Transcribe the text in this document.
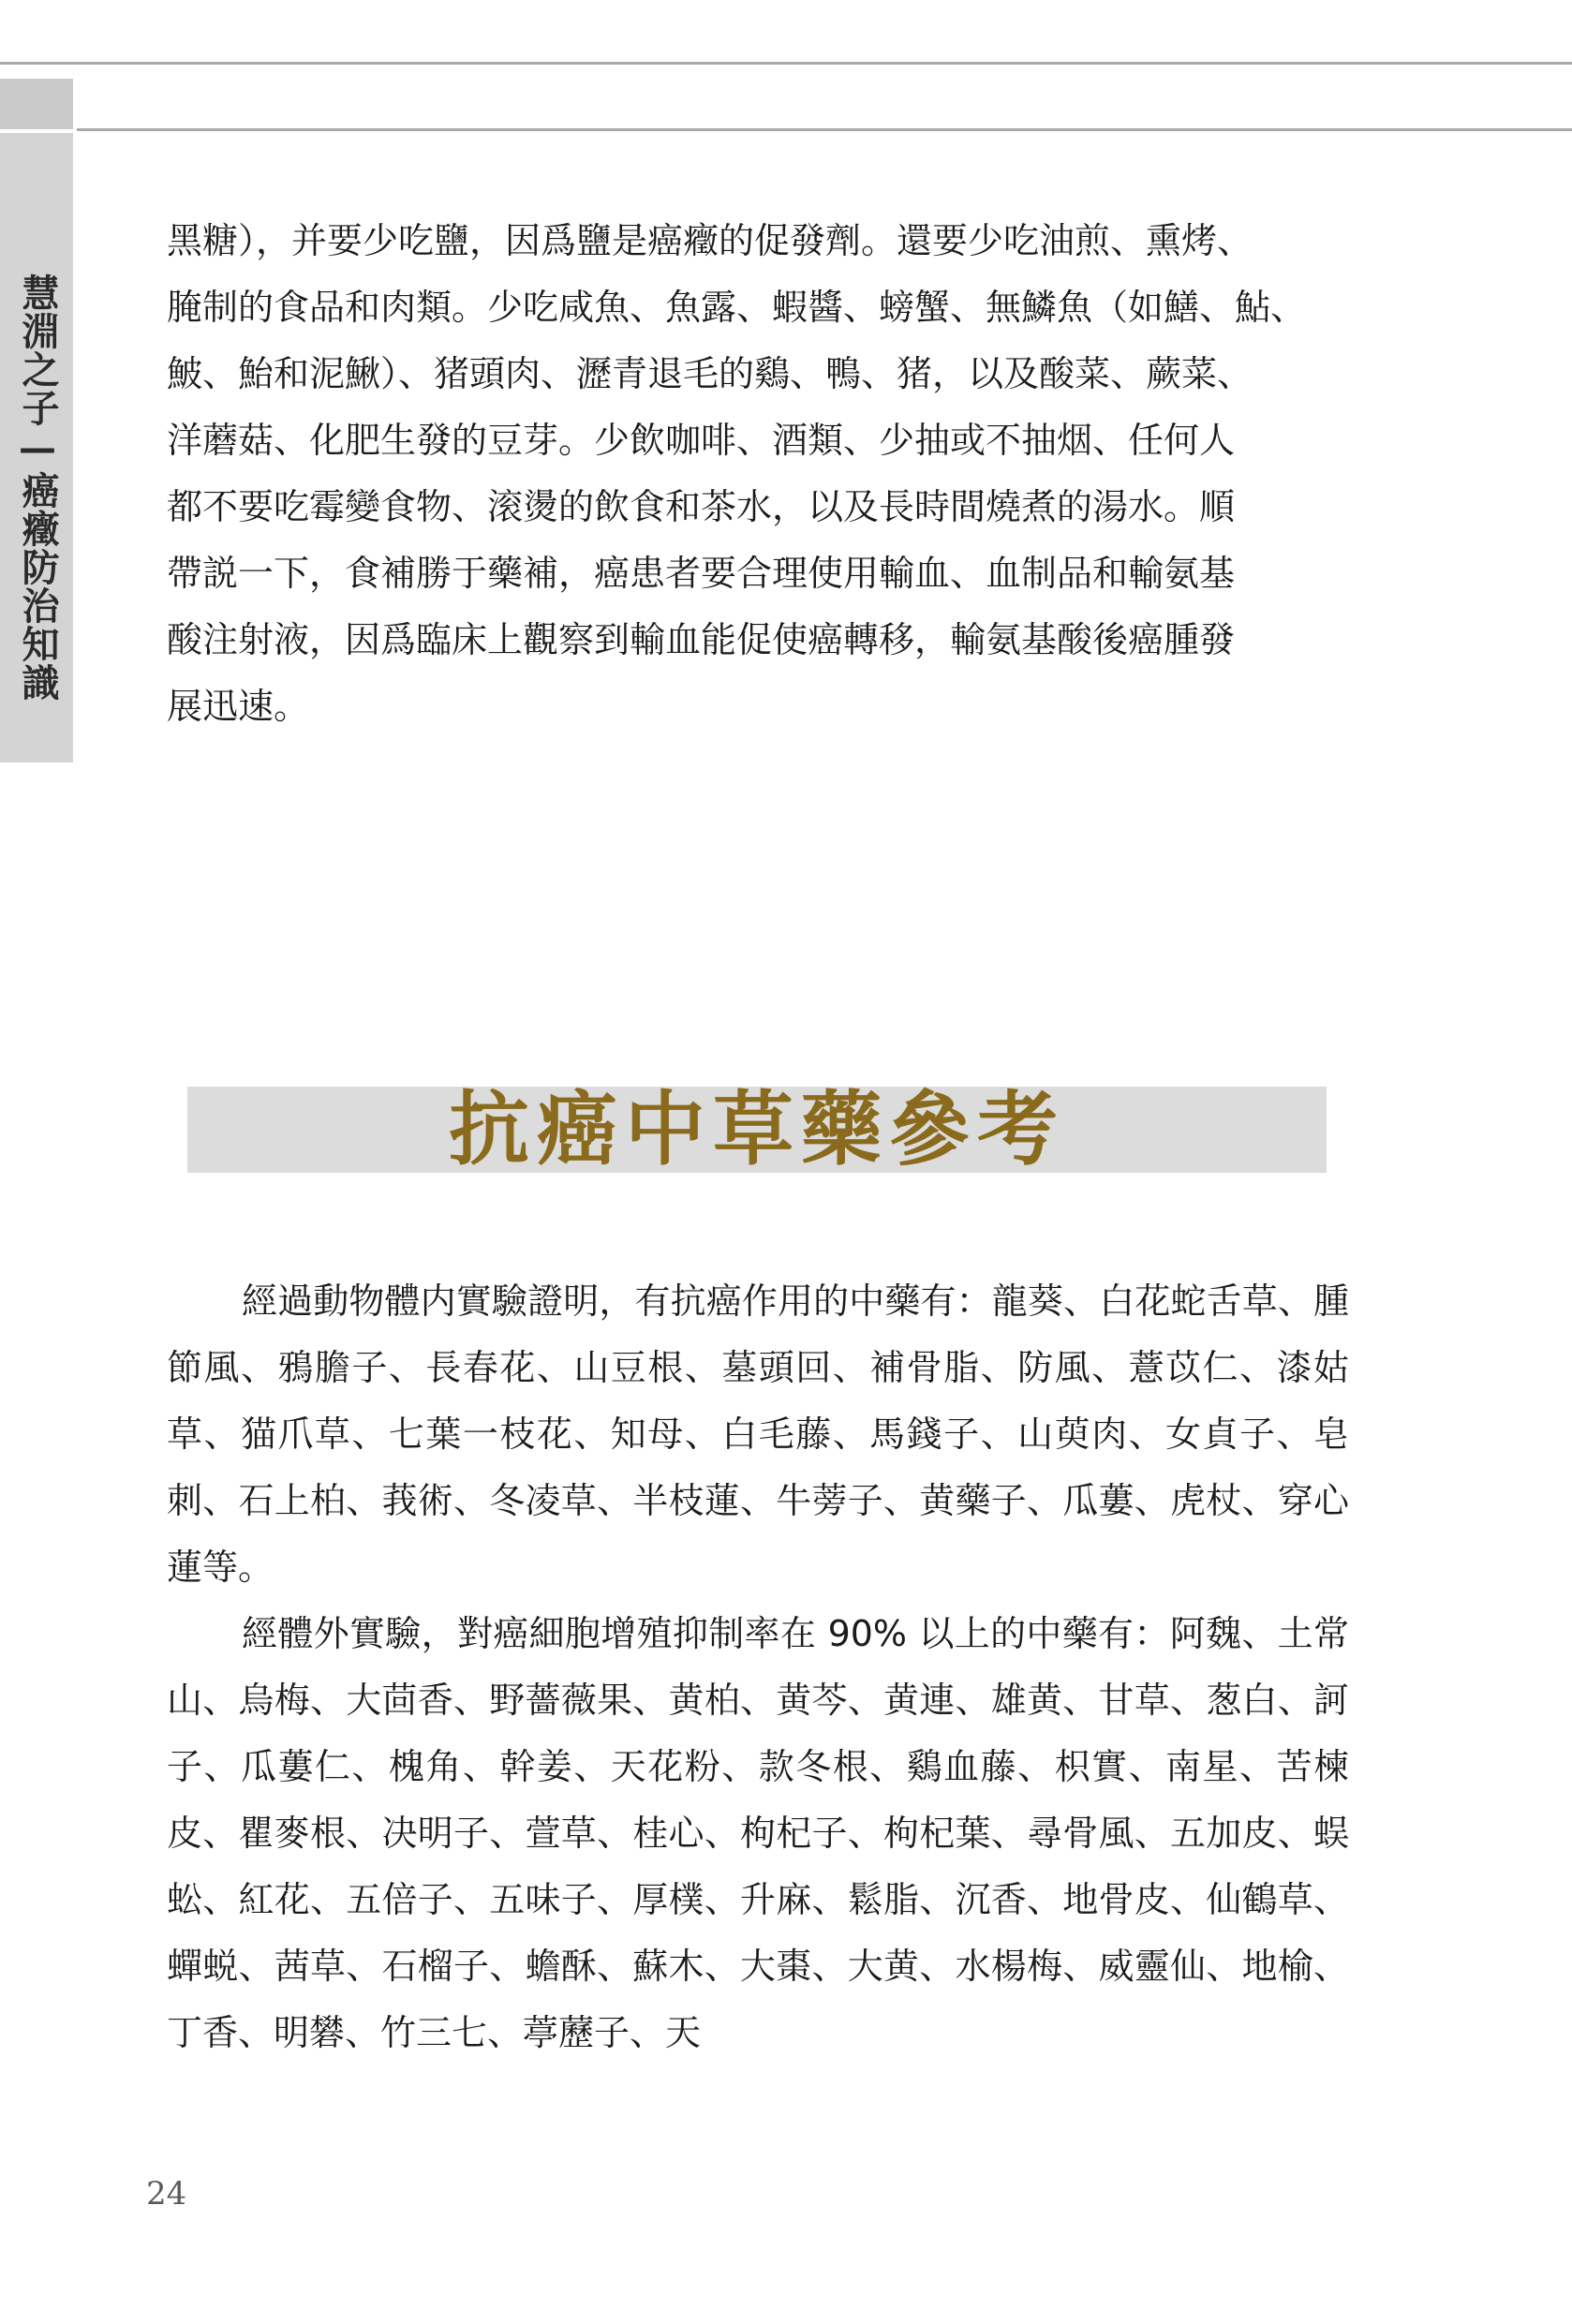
慧淵之子—癌癥防治知識

黑糖），并要少吃鹽，因爲鹽是癌癥的促發劑。還要少吃油煎、熏烤、

腌制的食品和肉類。少吃咸魚、魚露、蝦醬、螃蟹、無鱗魚（如鱔、鮎、

鮍、鮐和泥鰍）、猪頭肉、瀝青退毛的鷄、鴨、猪，以及酸菜、蕨菜、

洋蘑菇、化肥生發的豆芽。少飲咖啡、酒類、少抽或不抽烟、任何人

都不要吃霉變食物、滚燙的飲食和茶水，以及長時間燒煮的湯水。順

帶説一下，食補勝于藥補，癌患者要合理使用輸血、血制品和輸氨基

酸注射液，因爲臨床上觀察到輸血能促使癌轉移，輸氨基酸後癌腫發

展迅速。

抗癌中草藥參考

經過動物體内實驗證明，有抗癌作用的中藥有：龍葵、白花蛇舌草、腫節風、鴉膽子、長春花、山豆根、墓頭回、補骨脂、防風、薏苡仁、漆姑草、猫爪草、七葉一枝花、知母、白毛藤、馬錢子、山萸肉、女貞子、皂刺、石上柏、莪術、冬凌草、半枝蓮、牛蒡子、黄藥子、瓜蔞、虎杖、穿心蓮等。

經體外實驗，對癌細胞增殖抑制率在 90% 以上的中藥有：阿魏、土常山、烏梅、大茴香、野薔薇果、黄柏、黄芩、黄連、雄黄、甘草、葱白、訶子、瓜蔞仁、槐角、幹姜、天花粉、款冬根、鷄血藤、枳實、南星、苦楝皮、瞿麥根、决明子、萱草、桂心、枸杞子、枸杞葉、尋骨風、五加皮、蜈蚣、紅花、五倍子、五味子、厚樸、升麻、鬆脂、沉香、地骨皮、仙鶴草、蟬蜕、茜草、石榴子、蟾酥、蘇木、大棗、大黄、水楊梅、威靈仙、地榆、丁香、明礬、竹三七、葶藶子、天

24
